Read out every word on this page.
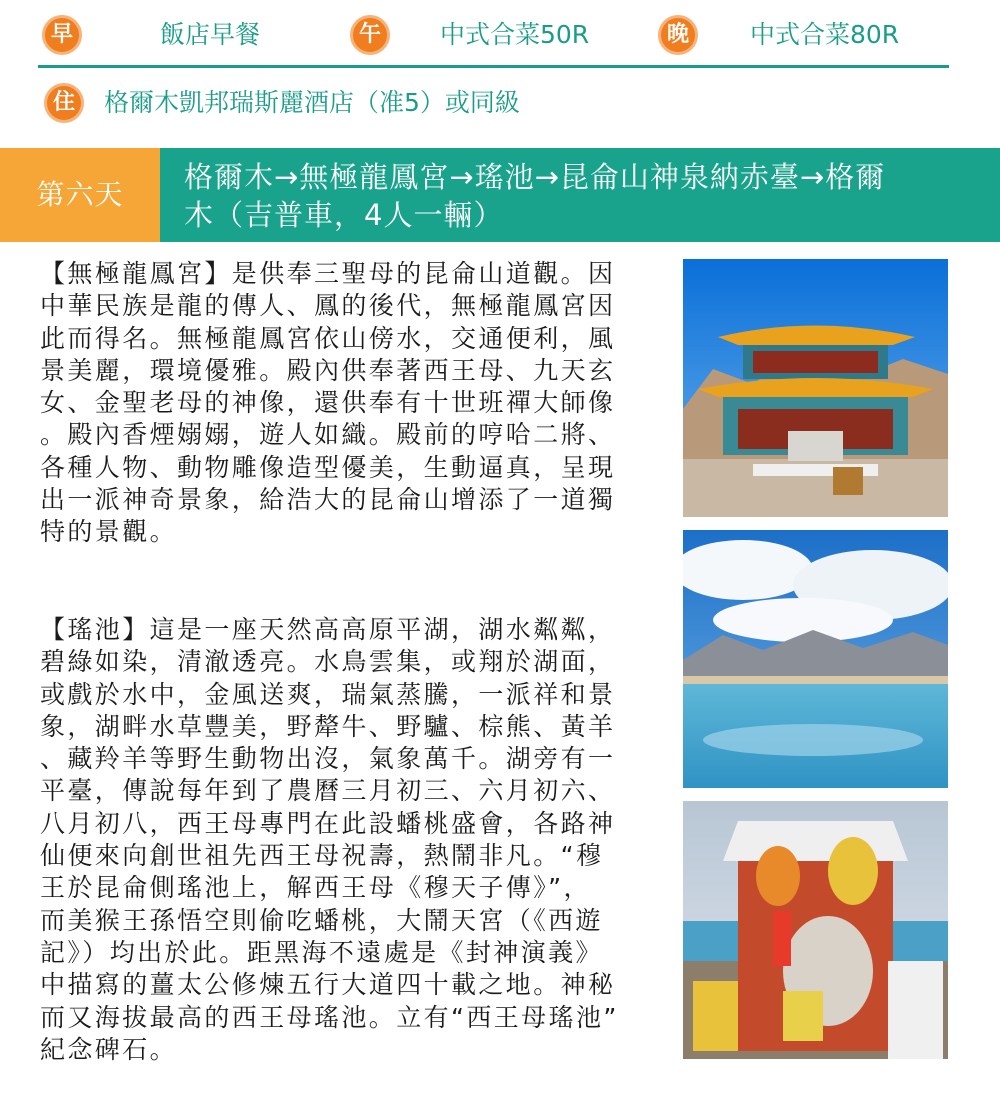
早	飯店早餐	午	中式合菜50R	晚	中式合菜80R
住	格爾木凱邦瑞斯麗酒店（准5）或同級
第六天
格爾木→無極龍鳳宮→瑤池→昆侖山神泉納赤臺→格爾
木（吉普車，4人一輛）
【無極龍鳳宮】是供奉三聖母的昆侖山道觀。因
中華民族是龍的傳人、鳳的後代，無極龍鳳宮因
此而得名。無極龍鳳宮依山傍水，交通便利，風
景美麗，環境優雅。殿內供奉著西王母、九天玄
女、金聖老母的神像，還供奉有十世班禪大師像
。殿內香煙嫋嫋，遊人如織。殿前的哼哈二將、
各種人物、動物雕像造型優美，生動逼真，呈現
出一派神奇景象，給浩大的昆侖山增添了一道獨
特的景觀。
【瑤池】這是一座天然高高原平湖，湖水粼粼，
碧綠如染，清澈透亮。水鳥雲集，或翔於湖面，
或戲於水中，金風送爽，瑞氣蒸騰，一派祥和景
象，湖畔水草豐美，野犛牛、野驢、棕熊、黃羊
、藏羚羊等野生動物出沒，氣象萬千。湖旁有一
平臺，傳說每年到了農曆三月初三、六月初六、
八月初八，西王母專門在此設蟠桃盛會，各路神
仙便來向創世祖先西王母祝壽，熱鬧非凡。“穆
王於昆侖側瑤池上，解西王母《穆天子傳》”，
而美猴王孫悟空則偷吃蟠桃，大鬧天宮（《西遊
記》）均出於此。距黑海不遠處是《封神演義》
中描寫的薑太公修煉五行大道四十載之地。神秘
而又海拔最高的西王母瑤池。立有“西王母瑤池”
紀念碑石。
